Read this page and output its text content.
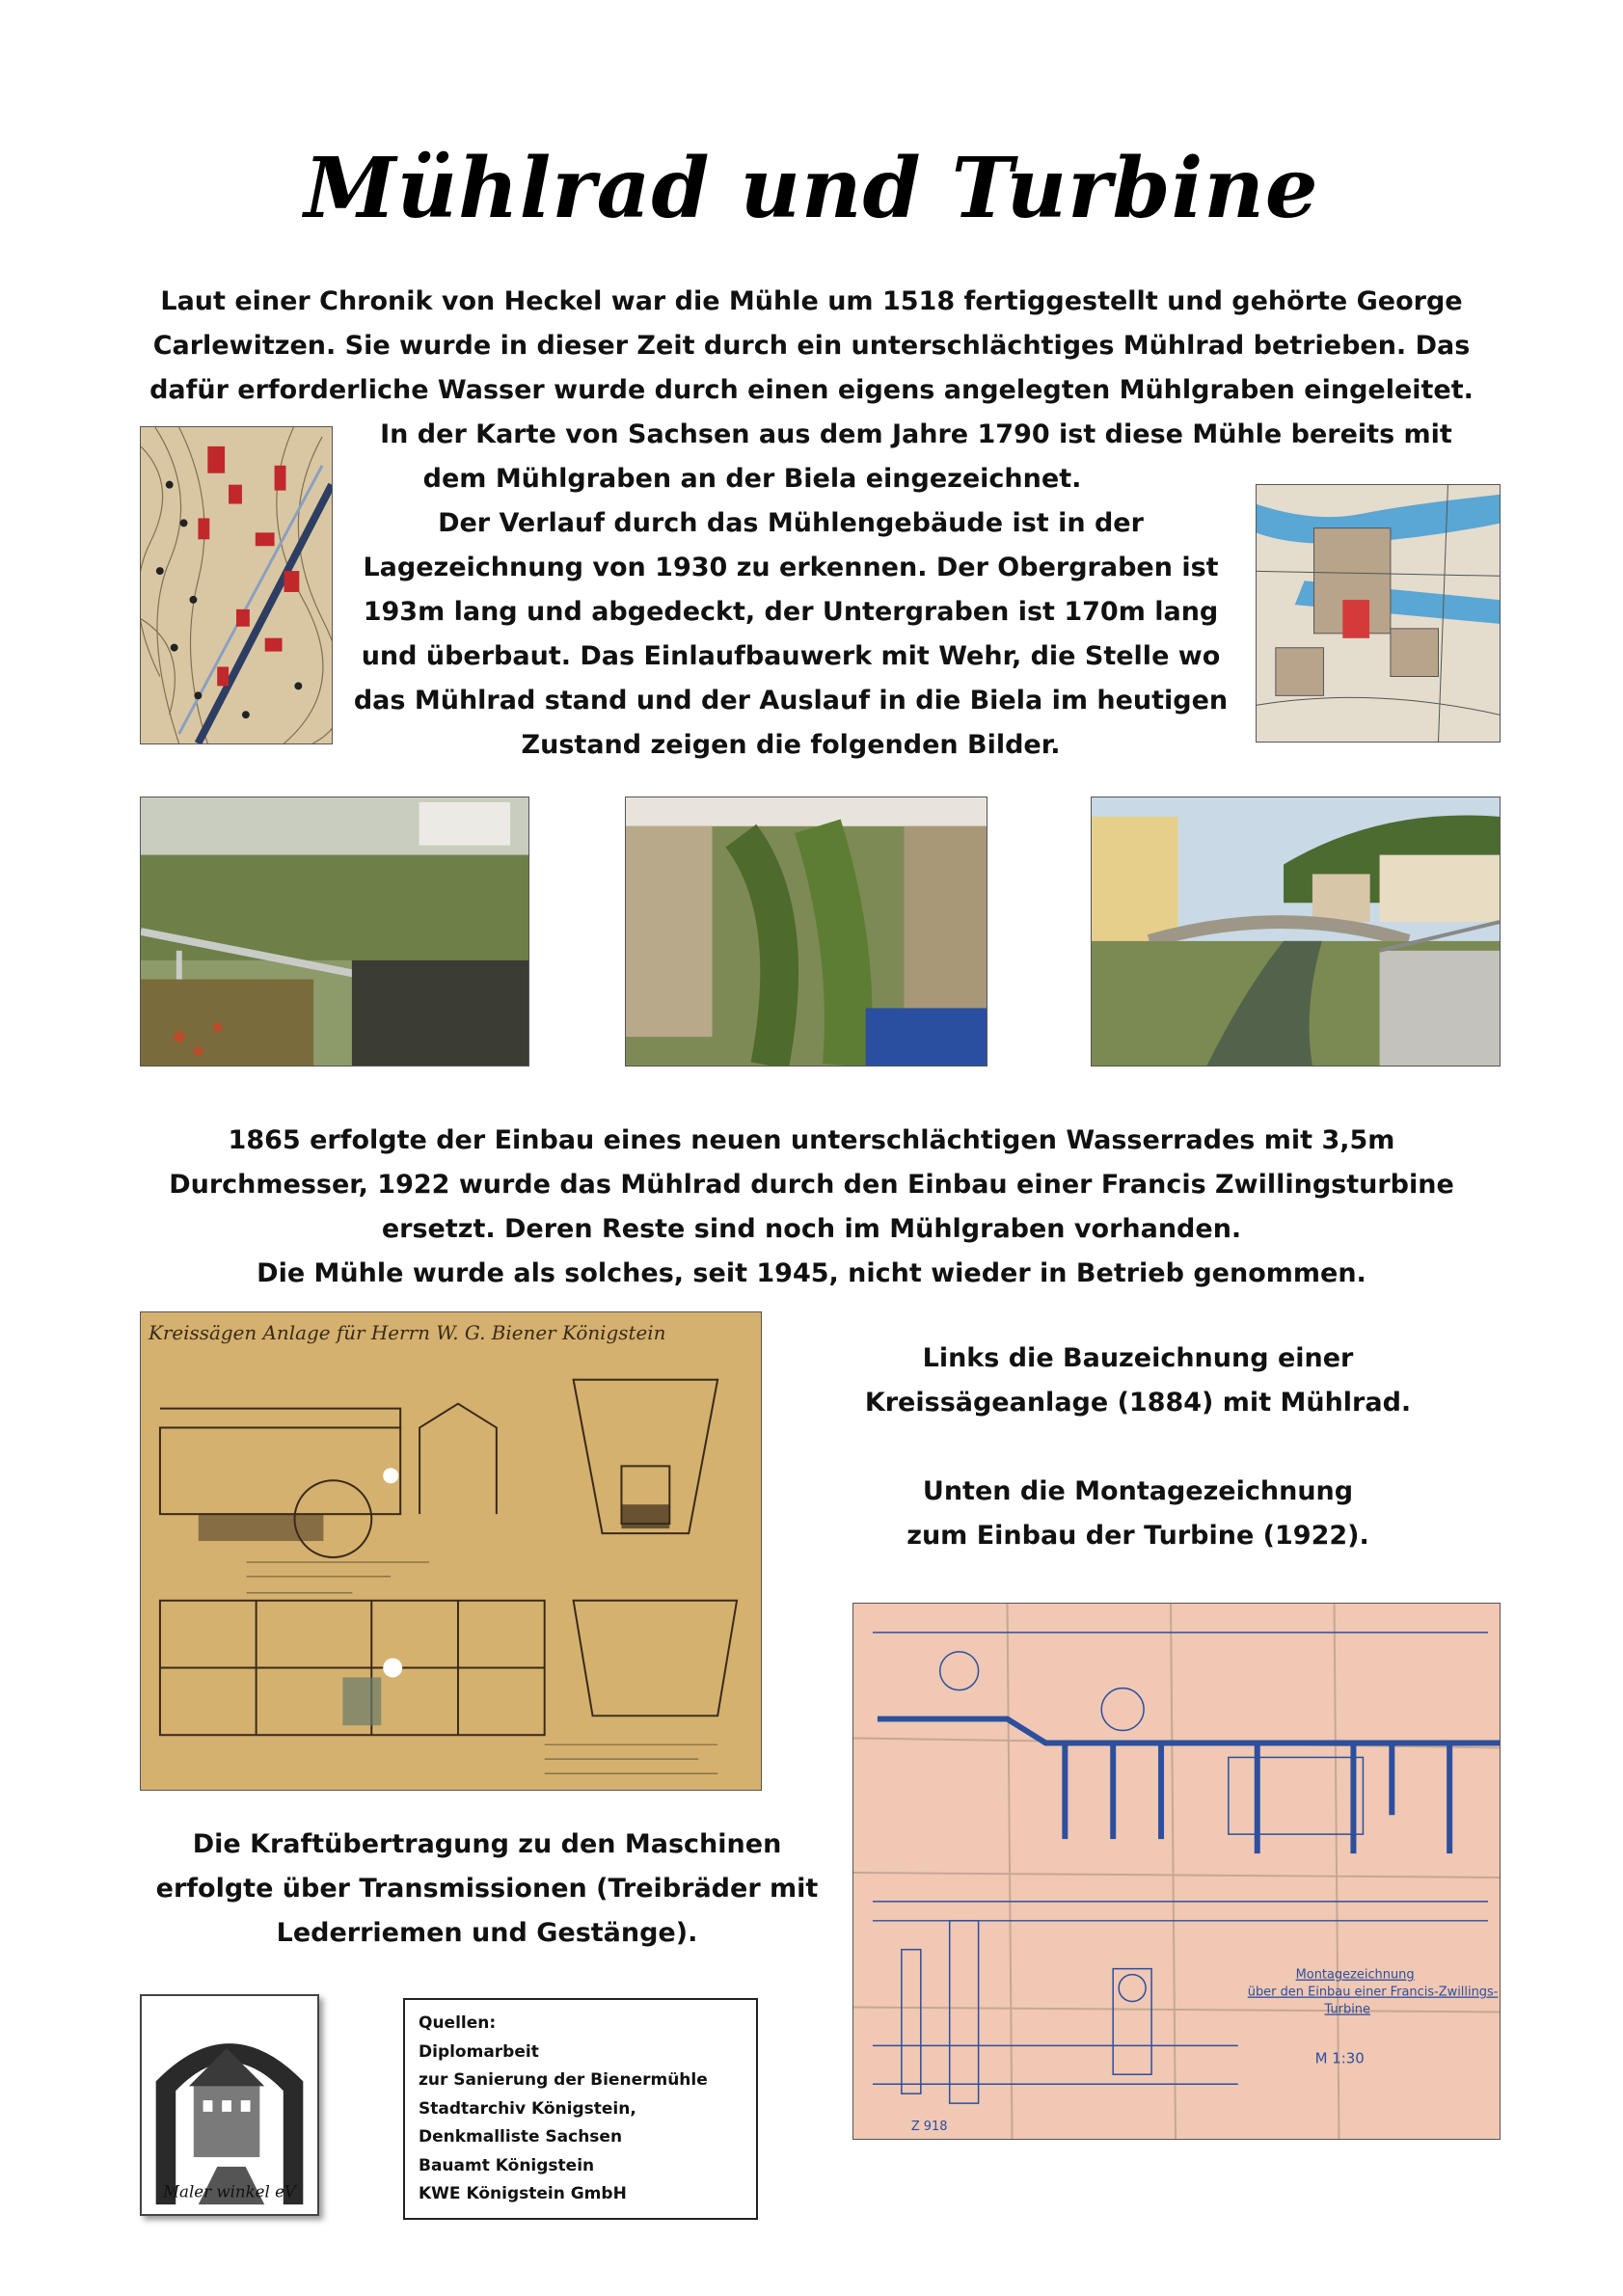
Mühlrad und Turbine
Laut einer Chronik von Heckel war die Mühle um 1518 fertiggestellt und gehörte George
Carlewitzen. Sie wurde in dieser Zeit durch ein unterschlächtiges Mühlrad betrieben. Das
dafür erforderliche Wasser wurde durch einen eigens angelegten Mühlgraben eingeleitet.
In der Karte von Sachsen aus dem Jahre 1790 ist diese Mühle bereits mit
dem Mühlgraben an der Biela eingezeichnet.
Der Verlauf durch das Mühlengebäude ist in der
Lagezeichnung von 1930 zu erkennen. Der Obergraben ist
193m lang und abgedeckt, der Untergraben ist 170m lang
und überbaut. Das Einlaufbauwerk mit Wehr, die Stelle wo
das Mühlrad stand und der Auslauf in die Biela im heutigen
Zustand zeigen die folgenden Bilder.
1865 erfolgte der Einbau eines neuen unterschlächtigen Wasserrades mit 3,5m
Durchmesser, 1922 wurde das Mühlrad durch den Einbau einer Francis Zwillingsturbine
ersetzt. Deren Reste sind noch im Mühlgraben vorhanden.
Die Mühle wurde als solches, seit 1945, nicht wieder in Betrieb genommen.
Kreissägen Anlage für Herrn W. G. Biener Königstein
Links die Bauzeichnung einer
Kreissägeanlage (1884) mit Mühlrad.
Unten die Montagezeichnung
zum Einbau der Turbine (1922).
Montagezeichnung
über den Einbau einer Francis-Zwillings-
Turbine
M 1:30
Z 918
Die Kraftübertragung zu den Maschinen
erfolgte über Transmissionen (Treibräder mit
Lederriemen und Gestänge).
Maler winkel eV
Quellen:
Diplomarbeit
zur Sanierung der Bienermühle
Stadtarchiv Königstein,
Denkmalliste Sachsen
Bauamt Königstein
KWE Königstein GmbH
